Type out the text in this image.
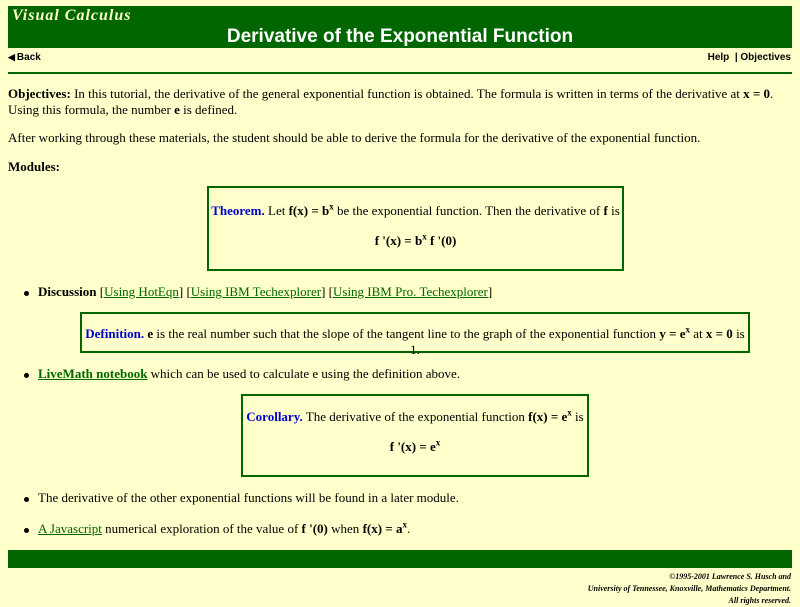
Visual Calculus
Derivative of the Exponential Function
◀ Back	Help | Objectives

Objectives: In this tutorial, the derivative of the general exponential function is obtained. The formula is written in terms of the derivative at x = 0. Using this formula, the number e is defined.

After working through these materials, the student should be able to derive the formula for the derivative of the exponential function.

Modules:

Theorem. Let $f(x) = b^x$ be the exponential function. Then the derivative of f is
f '$(x) = b^x$ f '(0)
Discussion [Using HotEqn] [Using IBM Techexplorer] [Using IBM Pro. Techexplorer]
Definition. e is the real number such that the slope of the tangent line to the graph of the exponential function $y = e^x$ at x = 0 is 1.
LiveMath notebook which can be used to calculate e using the definition above.
Corollary. The derivative of the exponential function $f(x) = e^x$ is
f '$(x) = e^x$
The derivative of the other exponential functions will be found in a later module.
A Javascript numerical exploration of the value of f '(0) when $f(x) = a^x$.
©1995-2001 Lawrence S. Husch and
University of Tennessee, Knoxville, Mathematics Department.
All rights reserved.
